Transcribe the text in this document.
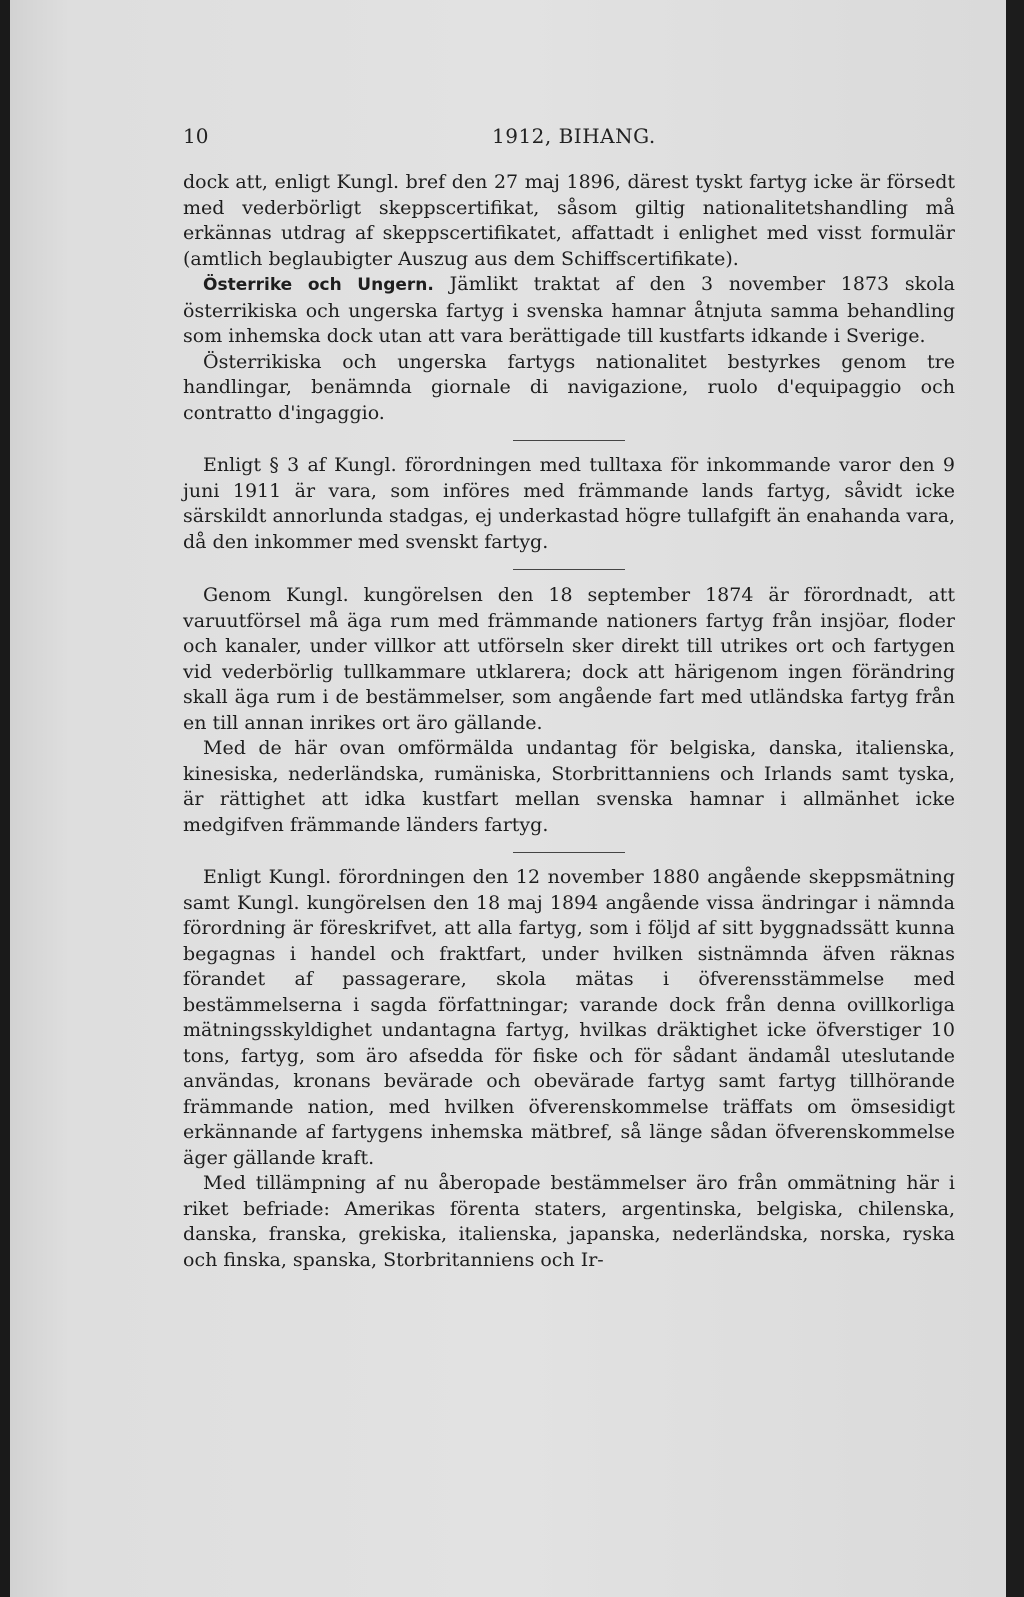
10	1912, BIHANG.

dock att, enligt Kungl. bref den 27 maj 1896, därest tyskt fartyg icke är försedt med vederbörligt skeppscertifikat, såsom giltig nationalitetshandling må erkännas utdrag af skeppscertifikatet, affattadt i enlighet med visst formulär (amtlich beglaubigter Auszug aus dem Schiffscertifikate).

Österrike och Ungern. Jämlikt traktat af den 3 november 1873 skola österrikiska och ungerska fartyg i svenska hamnar åtnjuta samma behandling som inhemska dock utan att vara berättigade till kustfarts idkande i Sverige.

Österrikiska och ungerska fartygs nationalitet bestyrkes genom tre handlingar, benämnda giornale di navigazione, ruolo d'equipaggio och contratto d'ingaggio.

Enligt § 3 af Kungl. förordningen med tulltaxa för inkommande varor den 9 juni 1911 är vara, som införes med främmande lands fartyg, såvidt icke särskildt annorlunda stadgas, ej underkastad högre tullafgift än enahanda vara, då den inkommer med svenskt fartyg.

Genom Kungl. kungörelsen den 18 september 1874 är förordnadt, att varuutförsel må äga rum med främmande nationers fartyg från insjöar, floder och kanaler, under villkor att utförseln sker direkt till utrikes ort och fartygen vid vederbörlig tullkammare utklarera; dock att härigenom ingen förändring skall äga rum i de bestämmelser, som angående fart med utländska fartyg från en till annan inrikes ort äro gällande.

Med de här ovan omförmälda undantag för belgiska, danska, italienska, kinesiska, nederländska, rumäniska, Storbrittanniens och Irlands samt tyska, är rättighet att idka kustfart mellan svenska hamnar i allmänhet icke medgifven främmande länders fartyg.

Enligt Kungl. förordningen den 12 november 1880 angående skeppsmätning samt Kungl. kungörelsen den 18 maj 1894 angående vissa ändringar i nämnda förordning är föreskrifvet, att alla fartyg, som i följd af sitt byggnadssätt kunna begagnas i handel och fraktfart, under hvilken sistnämnda äfven räknas förandet af passagerare, skola mätas i öfverensstämmelse med bestämmelserna i sagda författningar; varande dock från denna ovillkorliga mätningsskyldighet undantagna fartyg, hvilkas dräktighet icke öfverstiger 10 tons, fartyg, som äro afsedda för fiske och för sådant ändamål uteslutande användas, kronans bevärade och obevärade fartyg samt fartyg tillhörande främmande nation, med hvilken öfverenskommelse träffats om ömsesidigt erkännande af fartygens inhemska mätbref, så länge sådan öfverenskommelse äger gällande kraft.

Med tillämpning af nu åberopade bestämmelser äro från ommätning här i riket befriade: Amerikas förenta staters, argentinska, belgiska, chilenska, danska, franska, grekiska, italienska, japanska, nederländska, norska, ryska och finska, spanska, Storbritanniens och Ir-
